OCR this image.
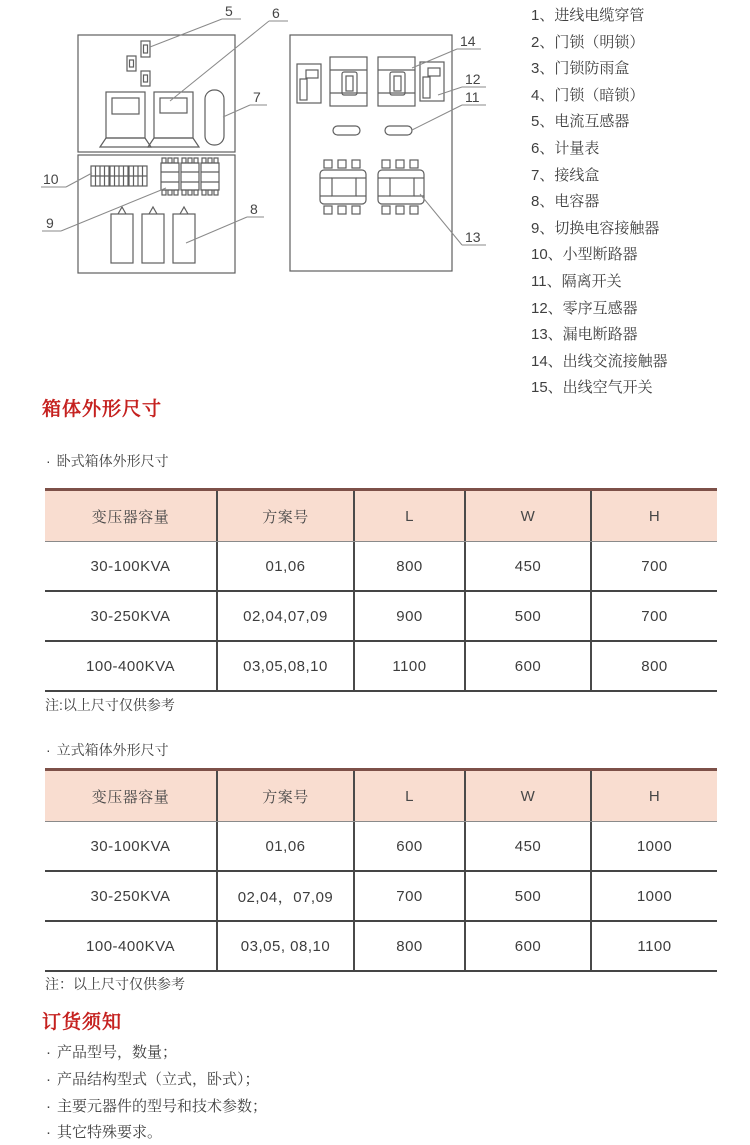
5	6
7
10
9
8
14
12
11
13
1、进线电缆穿管
2、门锁（明锁）
3、门锁防雨盒
4、门锁（暗锁）
5、电流互感器
6、计量表
7、接线盒
8、电容器
9、切换电容接触器
10、小型断路器
11、隔离开关
12、零序互感器
13、漏电断路器
14、出线交流接触器
15、出线空气开关
箱体外形尺寸
· 卧式箱体外形尺寸
变压器容量	方案号	L	W	H
30-100KVA	01,06	800	450	700
30-250KVA	02,04,07,09	900	500	700
100-400KVA	03,05,08,10	1100	600	800
注:以上尺寸仅供参考
· 立式箱体外形尺寸
变压器容量	方案号	L	W	H
30-100KVA	01,06	600	450	1000
30-250KVA	02,04，07,09	700	500	1000
100-400KVA	03,05, 08,10	800	600	1100
注：以上尺寸仅供参考
订货须知
· 产品型号，数量；
· 产品结构型式（立式，卧式）；
· 主要元器件的型号和技术参数；
· 其它特殊要求。
